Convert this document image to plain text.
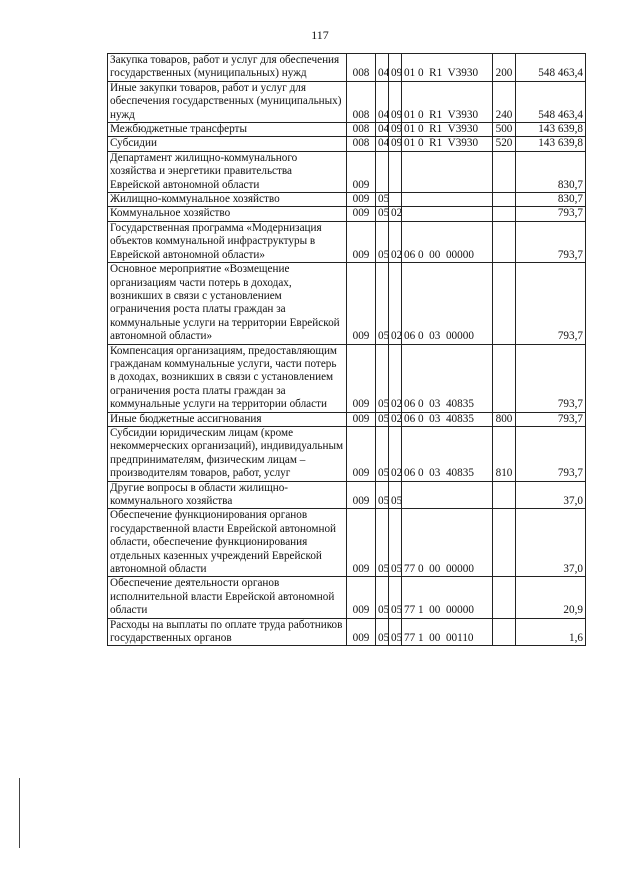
117
Закупка товаров, работ и услуг для обеспечения государственных (муниципальных) нужд	008	04	09	01 0  R1  V3930	200	548 463,4
Иные закупки товаров, работ и услуг для обеспечения государственных (муниципальных) нужд	008	04	09	01 0  R1  V3930	240	548 463,4
Межбюджетные трансферты	008	04	09	01 0  R1  V3930	500	143 639,8
Субсидии	008	04	09	01 0  R1  V3930	520	143 639,8
Департамент жилищно-коммунального хозяйства и энергетики правительства Еврейской автономной области	009					830,7
Жилищно-коммунальное хозяйство	009	05				830,7
Коммунальное хозяйство	009	05	02			793,7
Государственная программа «Модернизация объектов коммунальной инфраструктуры в Еврейской автономной области»	009	05	02	06 0  00  00000		793,7
Основное мероприятие «Возмещение организациям части потерь в доходах, возникших в связи с установлением ограничения роста платы граждан за коммунальные услуги на территории Еврейской автономной области»	009	05	02	06 0  03  00000		793,7
Компенсация организациям, предоставляющим гражданам коммунальные услуги, части потерь в доходах, возникших в связи с установлением ограничения роста платы граждан за коммунальные услуги на территории области	009	05	02	06 0  03  40835		793,7
Иные бюджетные ассигнования	009	05	02	06 0  03  40835	800	793,7
Субсидии юридическим лицам (кроме некоммерческих организаций), индивидуальным предпринимателям, физическим лицам – производителям товаров, работ, услуг	009	05	02	06 0  03  40835	810	793,7
Другие вопросы в области жилищно-коммунального хозяйства	009	05	05			37,0
Обеспечение функционирования органов государственной власти Еврейской автономной области, обеспечение функционирования отдельных казенных учреждений Еврейской автономной области	009	05	05	77 0  00  00000		37,0
Обеспечение деятельности органов исполнительной власти Еврейской автономной области	009	05	05	77 1  00  00000		20,9
Расходы на выплаты по оплате труда работников государственных органов	009	05	05	77 1  00  00110		1,6
